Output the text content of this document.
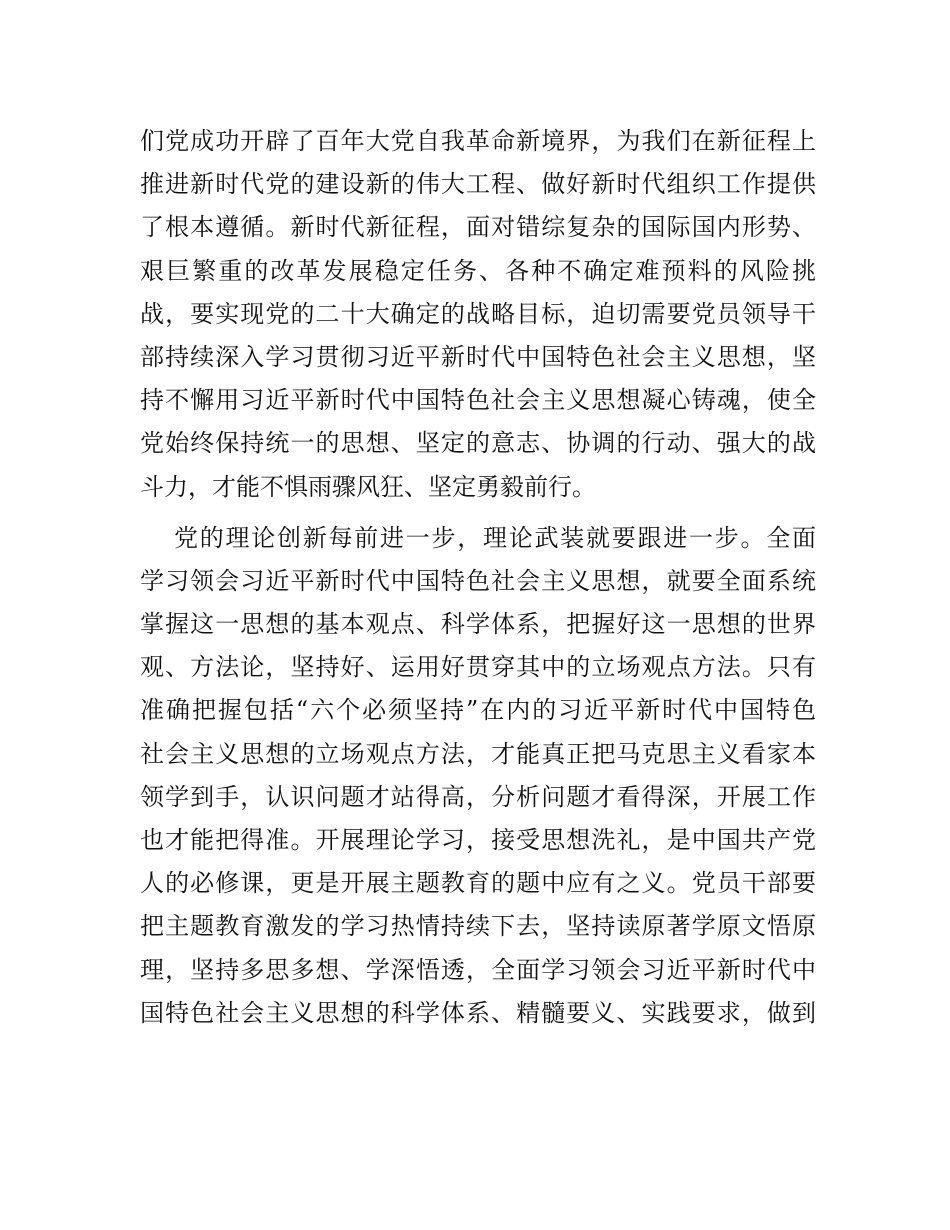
们党成功开辟了百年大党自我革命新境界，为我们在新征程上
推进新时代党的建设新的伟大工程、做好新时代组织工作提供
了根本遵循。新时代新征程，面对错综复杂的国际国内形势、
艰巨繁重的改革发展稳定任务、各种不确定难预料的风险挑
战，要实现党的二十大确定的战略目标，迫切需要党员领导干
部持续深入学习贯彻习近平新时代中国特色社会主义思想，坚
持不懈用习近平新时代中国特色社会主义思想凝心铸魂，使全
党始终保持统一的思想、坚定的意志、协调的行动、强大的战
斗力，才能不惧雨骤风狂、坚定勇毅前行。
党的理论创新每前进一步，理论武装就要跟进一步。全面
学习领会习近平新时代中国特色社会主义思想，就要全面系统
掌握这一思想的基本观点、科学体系，把握好这一思想的世界
观、方法论，坚持好、运用好贯穿其中的立场观点方法。只有
准确把握包括“六个必须坚持”在内的习近平新时代中国特色
社会主义思想的立场观点方法，才能真正把马克思主义看家本
领学到手，认识问题才站得高，分析问题才看得深，开展工作
也才能把得准。开展理论学习，接受思想洗礼，是中国共产党
人的必修课，更是开展主题教育的题中应有之义。党员干部要
把主题教育激发的学习热情持续下去，坚持读原著学原文悟原
理，坚持多思多想、学深悟透，全面学习领会习近平新时代中
国特色社会主义思想的科学体系、精髓要义、实践要求，做到
